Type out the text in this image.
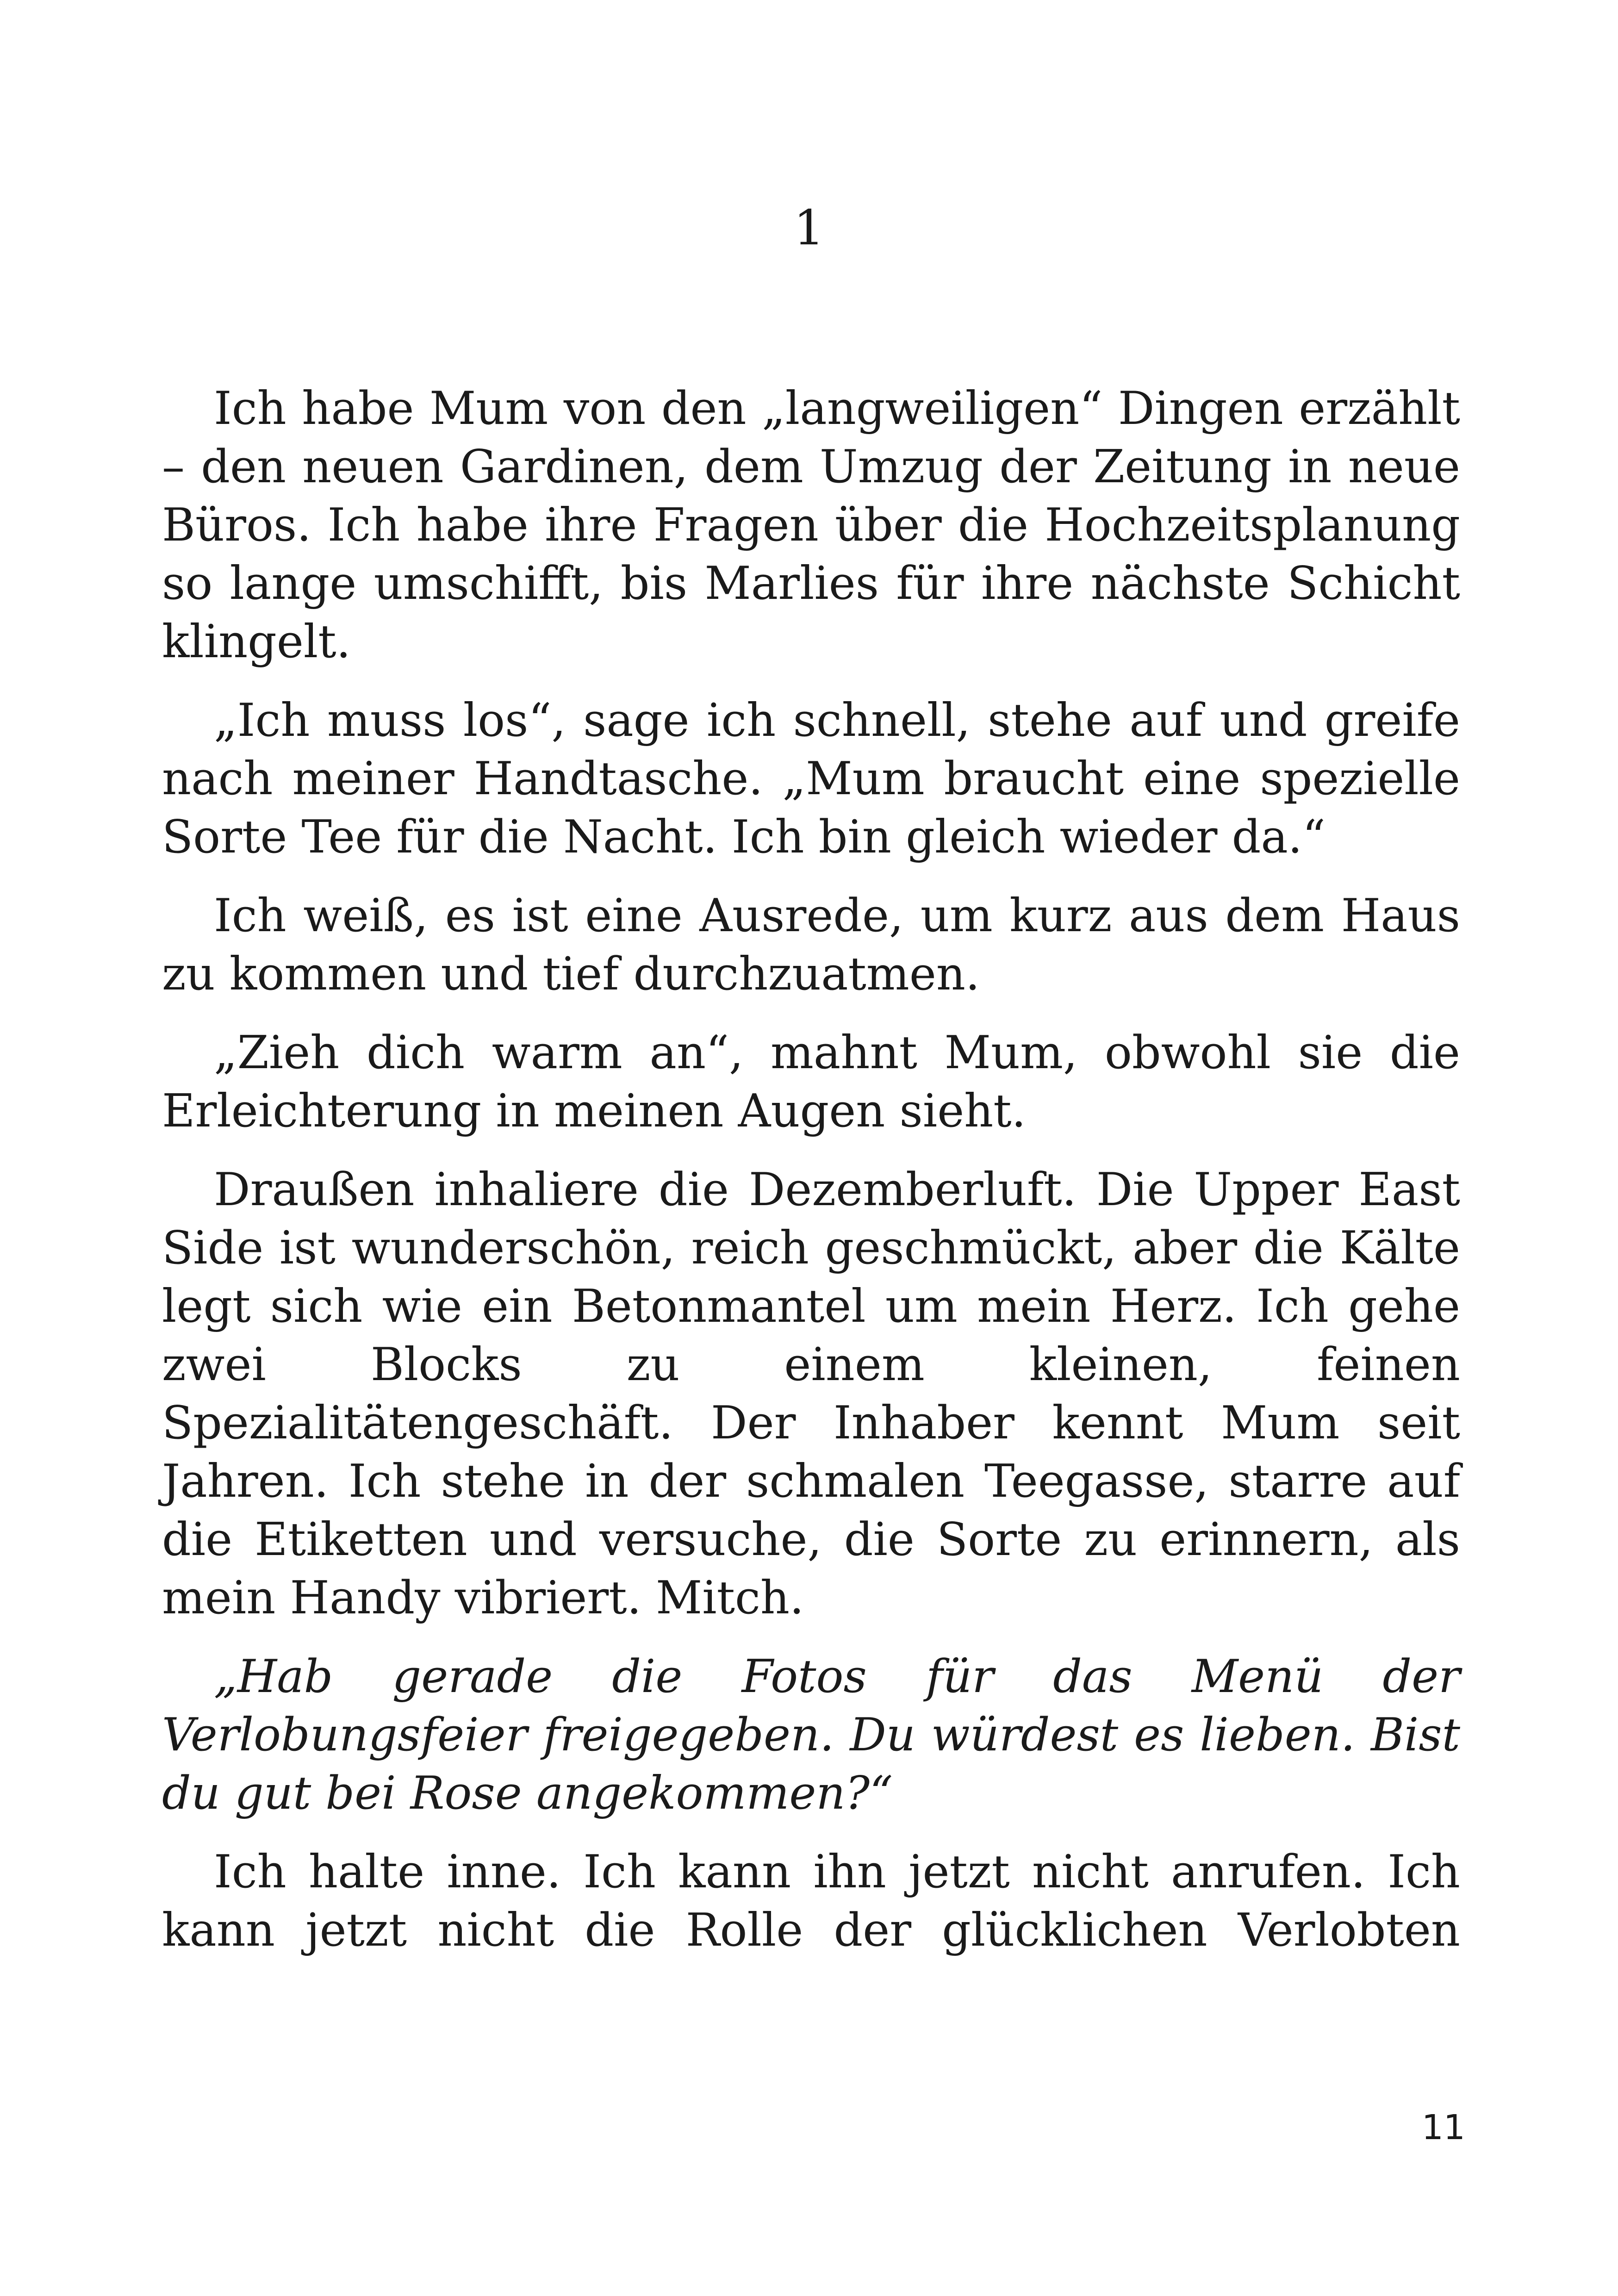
1

Ich habe Mum von den „langweiligen“ Dingen erzählt – den neuen Gardinen, dem Umzug der Zeitung in neue Büros. Ich habe ihre Fragen über die Hochzeitsplanung so lange umschifft, bis Marlies für ihre nächste Schicht klingelt.

„Ich muss los“, sage ich schnell, stehe auf und greife nach meiner Handtasche. „Mum braucht eine spezielle Sorte Tee für die Nacht. Ich bin gleich wieder da.“

Ich weiß, es ist eine Ausrede, um kurz aus dem Haus zu kommen und tief durchzuatmen.

„Zieh dich warm an“, mahnt Mum, obwohl sie die Erleichterung in meinen Augen sieht.

Draußen inhaliere die Dezemberluft. Die Upper East Side ist wunderschön, reich geschmückt, aber die Kälte legt sich wie ein Betonmantel um mein Herz. Ich gehe zwei Blocks zu einem kleinen, feinen Spezialitätengeschäft. Der Inhaber kennt Mum seit Jahren. Ich stehe in der schmalen Teegasse, starre auf die Etiketten und versuche, die Sorte zu erinnern, als mein Handy vibriert. Mitch.

„Hab gerade die Fotos für das Menü der Verlobungsfeier freigegeben. Du würdest es lieben. Bist du gut bei Rose angekommen?“

Ich halte inne. Ich kann ihn jetzt nicht anrufen. Ich kann jetzt nicht die Rolle der glücklichen Verlobten

11
